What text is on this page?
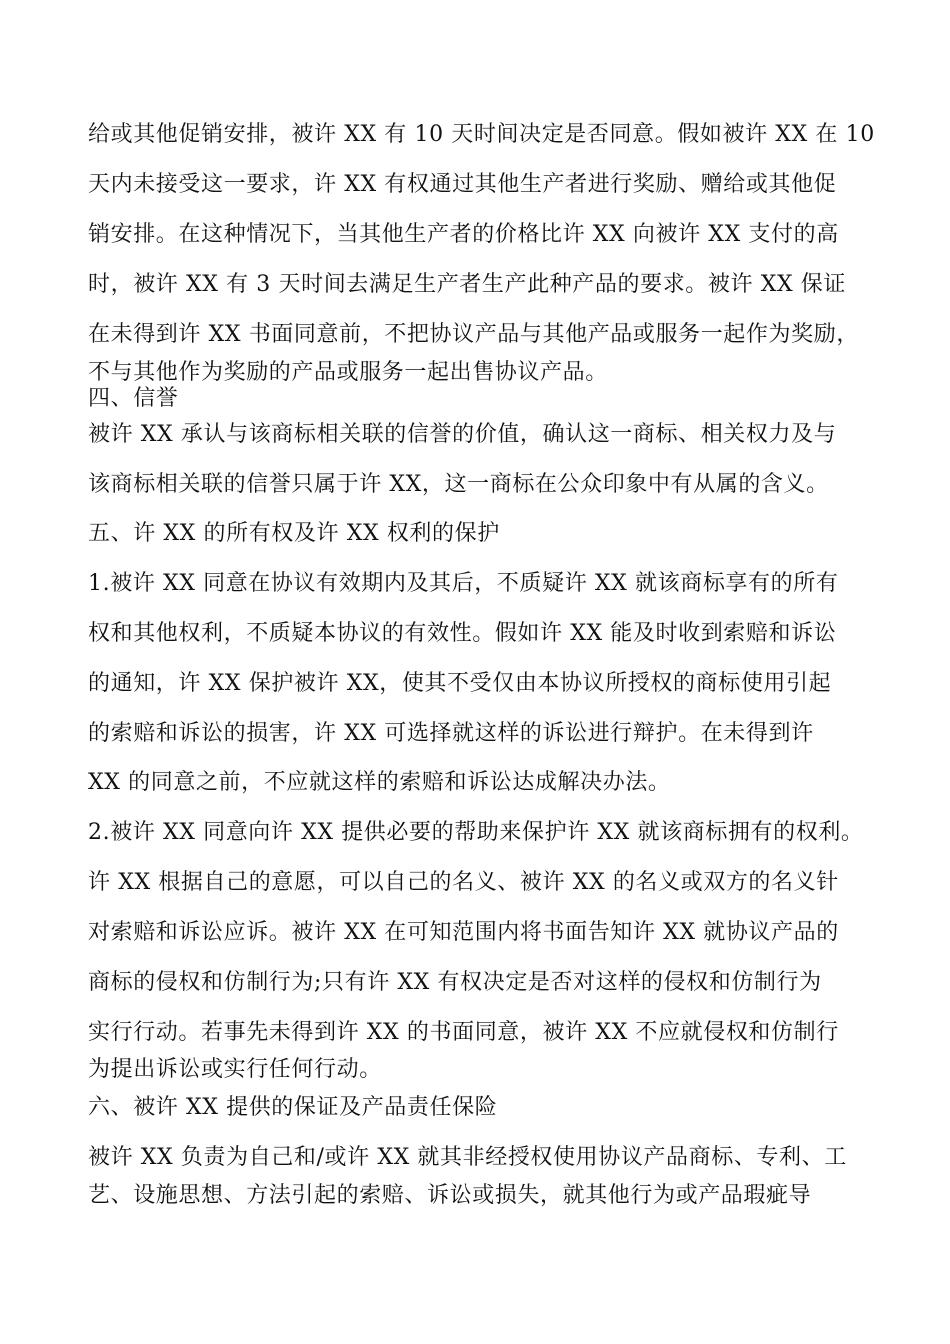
给或其他促销安排，被许 XX 有 10 天时间决定是否同意。假如被许 XX 在 10
天内未接受这一要求，许 XX 有权通过其他生产者进行奖励、赠给或其他促
销安排。在这种情况下，当其他生产者的价格比许 XX 向被许 XX 支付的高
时，被许 XX 有 3 天时间去满足生产者生产此种产品的要求。被许 XX 保证
在未得到许 XX 书面同意前，不把协议产品与其他产品或服务一起作为奖励，
不与其他作为奖励的产品或服务一起出售协议产品。
四、信誉
被许 XX 承认与该商标相关联的信誉的价值，确认这一商标、相关权力及与
该商标相关联的信誉只属于许 XX，这一商标在公众印象中有从属的含义。
五、许 XX 的所有权及许 XX 权利的保护
1.被许 XX 同意在协议有效期内及其后，不质疑许 XX 就该商标享有的所有
权和其他权利，不质疑本协议的有效性。假如许 XX 能及时收到索赔和诉讼
的通知，许 XX 保护被许 XX，使其不受仅由本协议所授权的商标使用引起
的索赔和诉讼的损害，许 XX 可选择就这样的诉讼进行辩护。在未得到许
XX 的同意之前，不应就这样的索赔和诉讼达成解决办法。
2.被许 XX 同意向许 XX 提供必要的帮助来保护许 XX 就该商标拥有的权利。
许 XX 根据自己的意愿，可以自己的名义、被许 XX 的名义或双方的名义针
对索赔和诉讼应诉。被许 XX 在可知范围内将书面告知许 XX 就协议产品的
商标的侵权和仿制行为;只有许 XX 有权决定是否对这样的侵权和仿制行为
实行行动。若事先未得到许 XX 的书面同意，被许 XX 不应就侵权和仿制行
为提出诉讼或实行任何行动。
六、被许 XX 提供的保证及产品责任保险
被许 XX 负责为自己和/或许 XX 就其非经授权使用协议产品商标、专利、工
艺、设施思想、方法引起的索赔、诉讼或损失，就其他行为或产品瑕疵导
